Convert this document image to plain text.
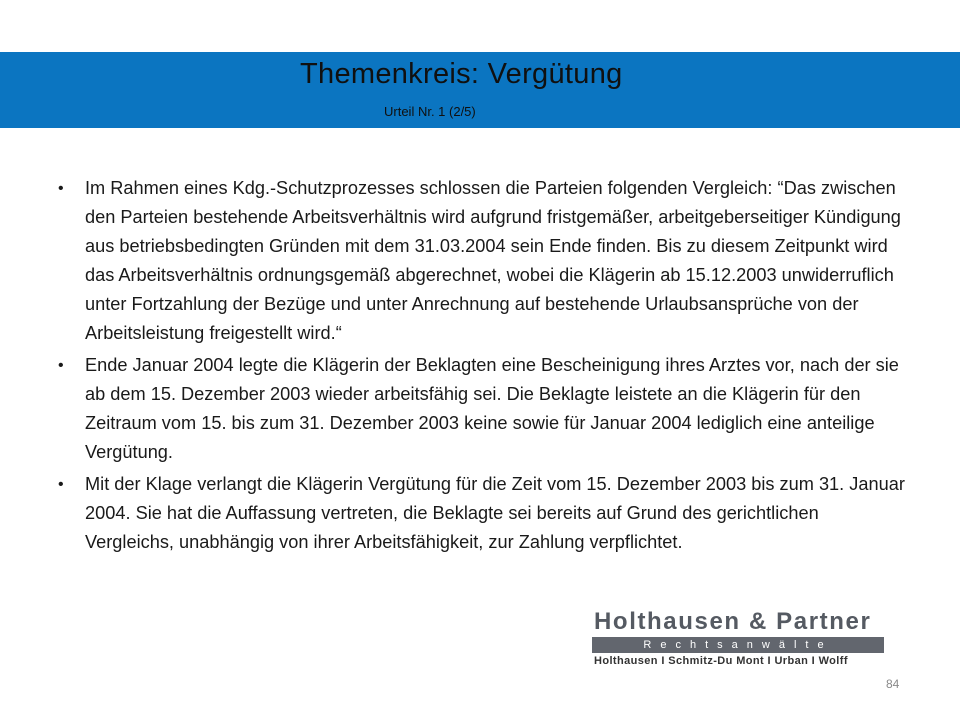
Themenkreis: Vergütung
Urteil Nr. 1 (2/5)
• Im Rahmen eines Kdg.-Schutzprozesses schlossen die Parteien folgenden Vergleich: “Das zwischen den Parteien bestehende Arbeitsverhältnis wird aufgrund fristgemäßer, arbeitgeberseitiger Kündigung aus betriebsbedingten Gründen mit dem 31.03.2004 sein Ende finden. Bis zu diesem Zeitpunkt wird das Arbeitsverhältnis ordnungsgemäß abgerechnet, wobei die Klägerin ab 15.12.2003 unwiderruflich unter Fortzahlung der Bezüge und unter Anrechnung auf bestehende Urlaubsansprüche von der Arbeitsleistung freigestellt wird.“
• Ende Januar 2004 legte die Klägerin der Beklagten eine Bescheinigung ihres Arztes vor, nach der sie ab dem 15. Dezember 2003 wieder arbeitsfähig sei. Die Beklagte leistete an die Klägerin für den Zeitraum vom 15. bis zum 31. Dezember 2003 keine sowie für Januar 2004 lediglich eine anteilige Vergütung.
• Mit der Klage verlangt die Klägerin Vergütung für die Zeit vom 15. Dezember 2003 bis zum 31. Januar 2004. Sie hat die Auffassung vertreten, die Beklagte sei bereits auf Grund des gerichtlichen Vergleichs, unabhängig von ihrer Arbeitsfähigkeit, zur Zahlung verpflichtet.
Holthausen & Partner
Rechtsanwälte
Holthausen I Schmitz-Du Mont I Urban I Wolff
84
